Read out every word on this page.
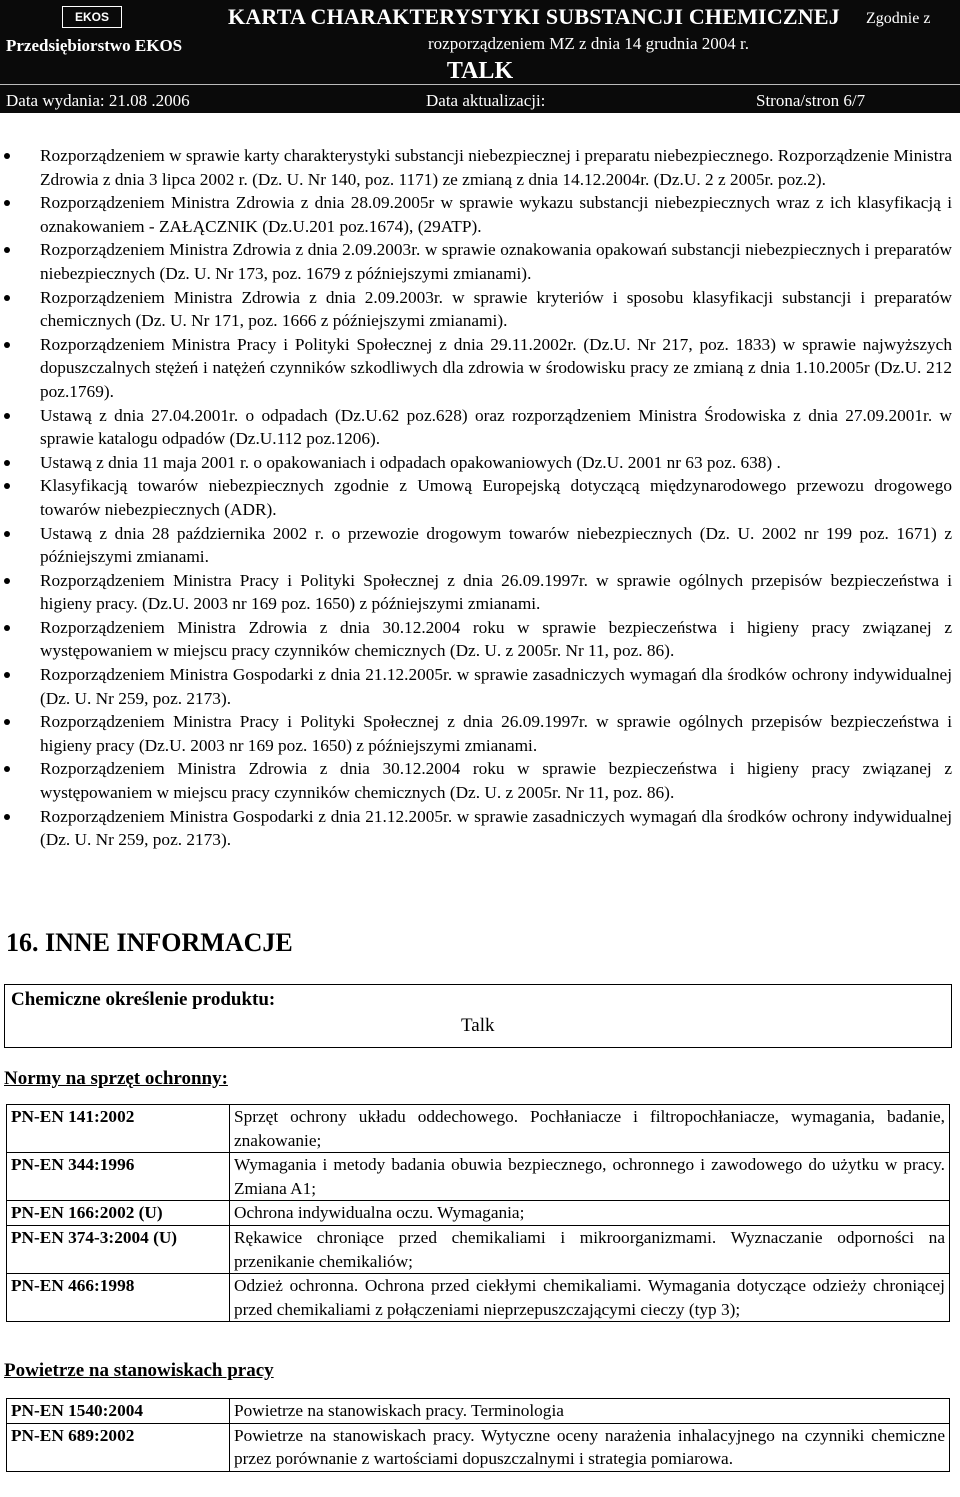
EKOS
Przedsiębiorstwo EKOS
KARTA CHARAKTERYSTYKI SUBSTANCJI CHEMICZNEJ Zgodnie z
rozporządzeniem MZ z dnia 14 grudnia 2004 r.
TALK
Data wydania: 21.08 .2006	Data aktualizacji:	Strona/stron 6/7
Rozporządzeniem w sprawie karty charakterystyki substancji niebezpiecznej i preparatu niebezpiecznego. Rozporządzenie Ministra Zdrowia z dnia 3 lipca 2002 r. (Dz. U. Nr 140, poz. 1171) ze zmianą z dnia 14.12.2004r. (Dz.U. 2 z 2005r. poz.2).
Rozporządzeniem Ministra Zdrowia z dnia 28.09.2005r w sprawie wykazu substancji niebezpiecznych wraz z ich klasyfikacją i oznakowaniem - ZAŁĄCZNIK (Dz.U.201 poz.1674), (29ATP).
Rozporządzeniem Ministra Zdrowia z dnia 2.09.2003r. w sprawie oznakowania opakowań substancji niebezpiecznych i preparatów niebezpiecznych (Dz. U. Nr 173, poz. 1679 z późniejszymi zmianami).
Rozporządzeniem Ministra Zdrowia z dnia 2.09.2003r. w sprawie kryteriów i sposobu klasyfikacji substancji i preparatów chemicznych (Dz. U. Nr 171, poz. 1666 z późniejszymi zmianami).
Rozporządzeniem Ministra Pracy i Polityki Społecznej z dnia 29.11.2002r. (Dz.U. Nr 217, poz. 1833) w sprawie najwyższych dopuszczalnych stężeń i natężeń czynników szkodliwych dla zdrowia w środowisku pracy ze zmianą z dnia 1.10.2005r (Dz.U. 212 poz.1769).
Ustawą z dnia 27.04.2001r. o odpadach (Dz.U.62 poz.628) oraz rozporządzeniem Ministra Środowiska z dnia 27.09.2001r. w sprawie katalogu odpadów (Dz.U.112 poz.1206).
Ustawą z dnia 11 maja 2001 r. o opakowaniach i odpadach opakowaniowych (Dz.U. 2001 nr 63 poz. 638) .
Klasyfikacją towarów niebezpiecznych zgodnie z Umową Europejską dotyczącą międzynarodowego przewozu drogowego towarów niebezpiecznych (ADR).
Ustawą z dnia 28 października 2002 r. o przewozie drogowym towarów niebezpiecznych (Dz. U. 2002 nr 199 poz. 1671) z późniejszymi zmianami.
Rozporządzeniem Ministra Pracy i Polityki Społecznej z dnia 26.09.1997r. w sprawie ogólnych przepisów bezpieczeństwa i higieny pracy. (Dz.U. 2003 nr 169 poz. 1650) z późniejszymi zmianami.
Rozporządzeniem Ministra Zdrowia z dnia 30.12.2004 roku w sprawie bezpieczeństwa i higieny pracy związanej z występowaniem w miejscu pracy czynników chemicznych (Dz. U. z 2005r. Nr 11, poz. 86).
Rozporządzeniem Ministra Gospodarki z dnia 21.12.2005r. w sprawie zasadniczych wymagań dla środków ochrony indywidualnej (Dz. U. Nr 259, poz. 2173).
Rozporządzeniem Ministra Pracy i Polityki Społecznej z dnia 26.09.1997r. w sprawie ogólnych przepisów bezpieczeństwa i higieny pracy (Dz.U. 2003 nr 169 poz. 1650) z późniejszymi zmianami.
Rozporządzeniem Ministra Zdrowia z dnia 30.12.2004 roku w sprawie bezpieczeństwa i higieny pracy związanej z występowaniem w miejscu pracy czynników chemicznych (Dz. U. z 2005r. Nr 11, poz. 86).
Rozporządzeniem Ministra Gospodarki z dnia 21.12.2005r. w sprawie zasadniczych wymagań dla środków ochrony indywidualnej (Dz. U. Nr 259, poz. 2173).
16. INNE INFORMACJE
Chemiczne określenie produktu:
Talk
Normy na sprzęt ochronny:
PN-EN 141:2002	Sprzęt ochrony układu oddechowego. Pochłaniacze i filtropochłaniacze, wymagania, badanie, znakowanie;
PN-EN 344:1996	Wymagania i metody badania obuwia bezpiecznego, ochronnego i zawodowego do użytku w pracy. Zmiana A1;
PN-EN 166:2002 (U)	Ochrona indywidualna oczu. Wymagania;
PN-EN 374-3:2004 (U)	Rękawice chroniące przed chemikaliami i mikroorganizmami. Wyznaczanie odporności na przenikanie chemikaliów;
PN-EN 466:1998	Odzież ochronna. Ochrona przed ciekłymi chemikaliami. Wymagania dotyczące odzieży chroniącej przed chemikaliami z połączeniami nieprzepuszczającymi cieczy (typ 3);
Powietrze na stanowiskach pracy
PN-EN 1540:2004	Powietrze na stanowiskach pracy. Terminologia
PN-EN 689:2002	Powietrze na stanowiskach pracy. Wytyczne oceny narażenia inhalacyjnego na czynniki chemiczne przez porównanie z wartościami dopuszczalnymi i strategia pomiarowa.
